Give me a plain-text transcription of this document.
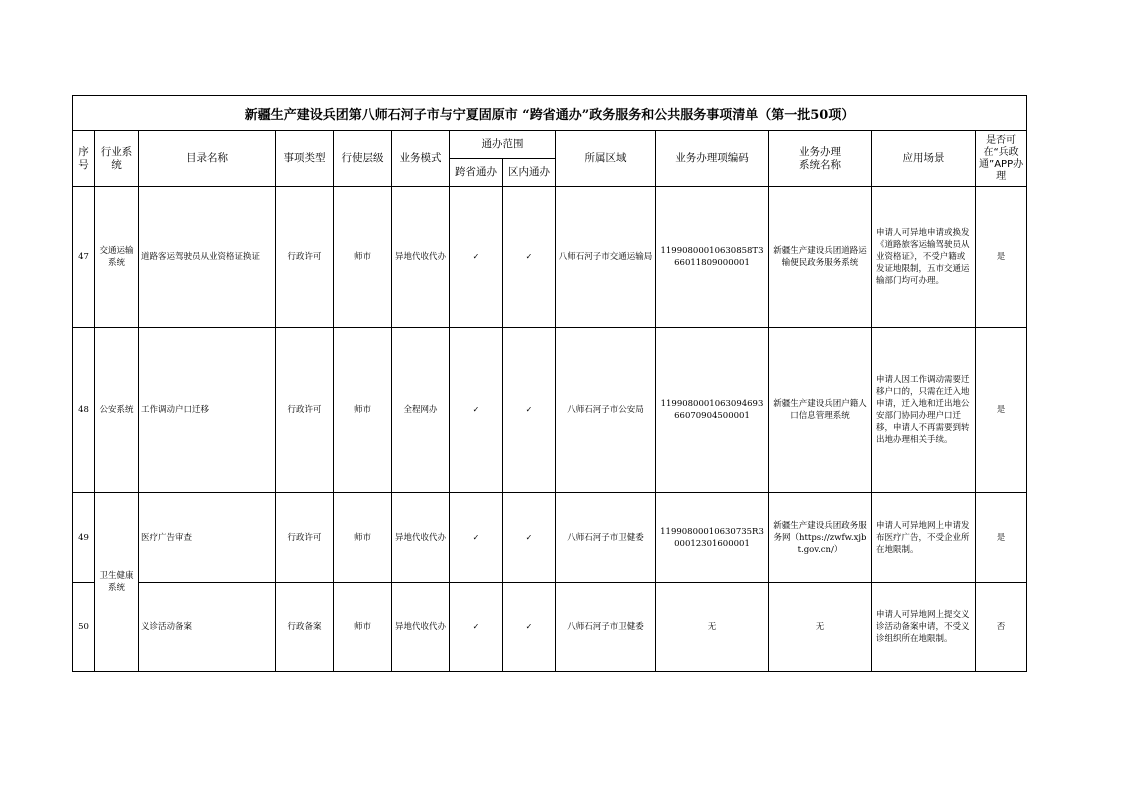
新疆生产建设兵团第八师石河子市与宁夏固原市 “跨省通办”政务服务和公共服务事项清单（第一批50项）												
序号	行业系统	目录名称	事项类型	行使层级	业务模式	通办范围		所属区域	业务办理项编码	业务办理
系统名称	应用场景	是否可在“兵政通”APP办理
						跨省通办	区内通办					
47	交通运输系统	道路客运驾驶员从业资格证换证	行政许可	师市	异地代收代办	✓	✓	八师石河子市交通运输局	11990800010630858T366011809000001	新疆生产建设兵团道路运输便民政务服务系统	申请人可异地申请或换发《道路旅客运输驾驶员从业资格证》，不受户籍或发证地限制，五市交通运输部门均可办理。	是
48	公安系统	工作调动户口迁移	行政许可	师市	全程网办	✓	✓	八师石河子市公安局	11990800010630946936607090450000​1	新疆生产建设兵团户籍人口信息管理系统	申请人因工作调动需要迁移户口的，只需在迁入地申请，迁入地和迁出地公安部门协同办理户口迁移，申请人不再需要到转出地办理相关手续。	是
49	卫生健康系统	医疗广告审查	行政许可	师市	异地代收代办	✓	✓	八师石河子市卫健委	11990800010630735R300012301600001	新疆生产建设兵团政务服务网（https://zwfw.xjbt.gov.cn/）	申请人可异地网上申请发布医疗广告，不受企业所在地限制。	是
50		义诊活动备案	行政备案	师市	异地代收代办	✓	✓	八师石河子市卫健委	无	无	申请人可异地网上提交义诊活动备案申请，不受义诊组织所在地限制。	否
